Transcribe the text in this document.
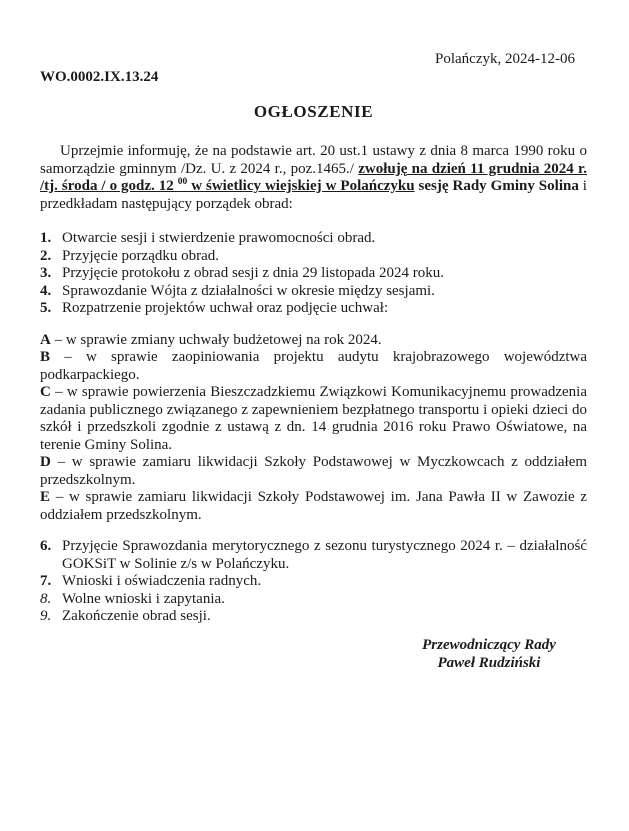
Polańczyk, 2024-12-06
WO.0002.IX.13.24
OGŁOSZENIE

Uprzejmie informuję, że na podstawie art. 20 ust.1 ustawy z dnia 8 marca 1990 roku o samorządzie gminnym /Dz. U. z 2024 r., poz.1465./ zwołuję na dzień 11 grudnia 2024 r. /tj. środa / o godz. 12 $^{00}$ w świetlicy wiejskiej w Polańczyku sesję Rady Gminy Solina i przedkładam następujący porządek obrad:

1. Otwarcie sesji i stwierdzenie prawomocności obrad.
2. Przyjęcie porządku obrad.
3. Przyjęcie protokołu z obrad sesji z dnia 29 listopada 2024 roku.
4. Sprawozdanie Wójta z działalności w okresie między sesjami.
5. Rozpatrzenie projektów uchwał oraz podjęcie uchwał:

A – w sprawie zmiany uchwały budżetowej na rok 2024.

B – w sprawie zaopiniowania projektu audytu krajobrazowego województwa podkarpackiego.

C – w sprawie powierzenia Bieszczadzkiemu Związkowi Komunikacyjnemu prowadzenia zadania publicznego związanego z zapewnieniem bezpłatnego transportu i opieki dzieci do szkół i przedszkoli zgodnie z ustawą z dn. 14 grudnia 2016 roku Prawo Oświatowe, na terenie Gminy Solina.

D – w sprawie zamiaru likwidacji Szkoły Podstawowej w Myczkowcach z oddziałem przedszkolnym.

E – w sprawie zamiaru likwidacji Szkoły Podstawowej im. Jana Pawła II w Zawozie z oddziałem przedszkolnym.

6. Przyjęcie Sprawozdania merytorycznego z sezonu turystycznego 2024 r. – działalność GOKSiT w Solinie z/s w Polańczyku.
7. Wnioski i oświadczenia radnych.
8. Wolne wnioski i zapytania.
9. Zakończenie obrad sesji.
Przewodniczący Rady
Paweł Rudziński
